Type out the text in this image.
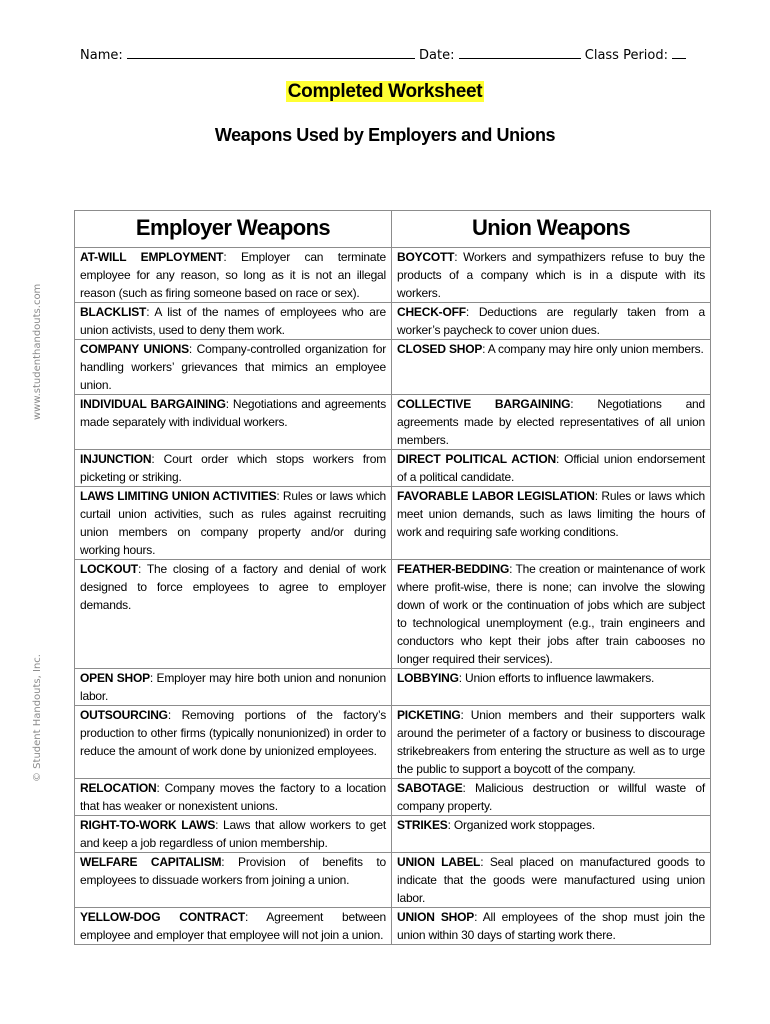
Name:	Date:	Class Period:
Completed Worksheet
Weapons Used by Employers and Unions
www.studenthandouts.com
© Student Handouts, Inc.
Employer Weapons	Union Weapons
AT-WILL EMPLOYMENT: Employer can terminate employee for any reason, so long as it is not an illegal reason (such as firing someone based on race or sex).	BOYCOTT: Workers and sympathizers refuse to buy the products of a company which is in a dispute with its workers.
BLACKLIST: A list of the names of employees who are union activists, used to deny them work.	CHECK-OFF: Deductions are regularly taken from a worker’s paycheck to cover union dues.
COMPANY UNIONS: Company-controlled organization for handling workers’ grievances that mimics an employee union.	CLOSED SHOP: A company may hire only union members.
INDIVIDUAL BARGAINING: Negotiations and agreements made separately with individual workers.	COLLECTIVE BARGAINING: Negotiations and agreements made by elected representatives of all union members.
INJUNCTION: Court order which stops workers from picketing or striking.	DIRECT POLITICAL ACTION: Official union endorsement of a political candidate.
LAWS LIMITING UNION ACTIVITIES: Rules or laws which curtail union activities, such as rules against recruiting union members on company property and/or during working hours.	FAVORABLE LABOR LEGISLATION: Rules or laws which meet union demands, such as laws limiting the hours of work and requiring safe working conditions.
LOCKOUT: The closing of a factory and denial of work designed to force employees to agree to employer demands.	FEATHER-BEDDING: The creation or maintenance of work where profit-wise, there is none; can involve the slowing down of work or the continuation of jobs which are subject to technological unemployment (e.g., train engineers and conductors who kept their jobs after train cabooses no longer required their services).
OPEN SHOP: Employer may hire both union and nonunion labor.	LOBBYING: Union efforts to influence lawmakers.
OUTSOURCING: Removing portions of the factory’s production to other firms (typically nonunionized) in order to reduce the amount of work done by unionized employees.	PICKETING: Union members and their supporters walk around the perimeter of a factory or business to discourage strikebreakers from entering the structure as well as to urge the public to support a boycott of the company.
RELOCATION: Company moves the factory to a location that has weaker or nonexistent unions.	SABOTAGE: Malicious destruction or willful waste of company property.
RIGHT-TO-WORK LAWS: Laws that allow workers to get and keep a job regardless of union membership.	STRIKES: Organized work stoppages.
WELFARE CAPITALISM: Provision of benefits to employees to dissuade workers from joining a union.	UNION LABEL: Seal placed on manufactured goods to indicate that the goods were manufactured using union labor.
YELLOW-DOG CONTRACT: Agreement between employee and employer that employee will not join a union.	UNION SHOP: All employees of the shop must join the union within 30 days of starting work there.
